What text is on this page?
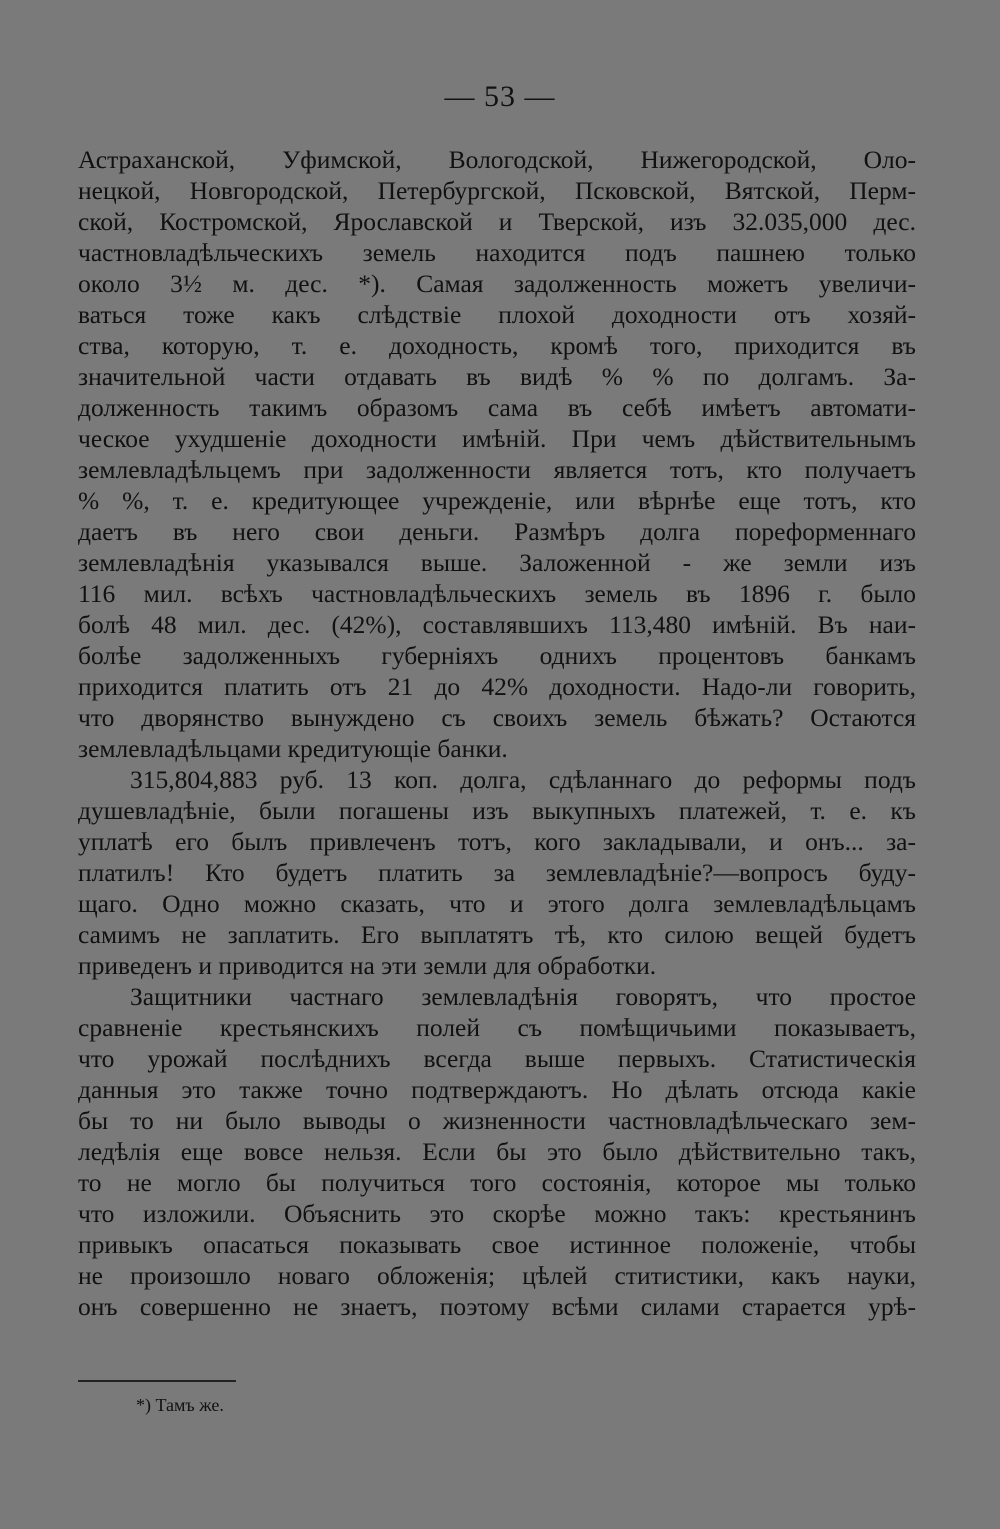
— 53 —
Астраханской, Уфимской, Вологодской, Нижегородской, Оло-
нецкой, Новгородской, Петербургской, Псковской, Вятской, Перм-
ской, Костромской, Ярославской и Тверской, изъ 32.035,000 дес.
частновладѣльческихъ земель находится подъ пашнею только
около 3½ м. дес. *). Самая задолженность можетъ увеличи-
ваться тоже какъ слѣдствіе плохой доходности отъ хозяй-
ства, которую, т. е. доходность, кромѣ того, приходится въ
значительной части отдавать въ видѣ % % по долгамъ. За-
долженность такимъ образомъ сама въ себѣ имѣетъ автомати-
ческое ухудшеніе доходности имѣній. При чемъ дѣйствительнымъ
землевладѣльцемъ при задолженности является тотъ, кто получаетъ
% %, т. е. кредитующее учрежденіе, или вѣрнѣе еще тотъ, кто
даетъ въ него свои деньги. Размѣръ долга пореформеннаго
землевладѣнія указывался выше. Заложенной - же земли изъ
116 мил. всѣхъ частновладѣльческихъ земель въ 1896 г. было
болѣ 48 мил. дес. (42%), составлявшихъ 113,480 имѣній. Въ наи-
болѣе задолженныхъ губерніяхъ однихъ процентовъ банкамъ
приходится платить отъ 21 до 42% доходности. Надо-ли говорить,
что дворянство вынуждено съ своихъ земель бѣжать? Остаются
землевладѣльцами кредитующіе банки.
315,804,883 руб. 13 коп. долга, сдѣланнаго до реформы подъ
душевладѣніе, были погашены изъ выкупныхъ платежей, т. е. къ
уплатѣ его былъ привлеченъ тотъ, кого закладывали, и онъ... за-
платилъ! Кто будетъ платить за землевладѣніе?—вопросъ буду-
щаго. Одно можно сказать, что и этого долга землевладѣльцамъ
самимъ не заплатить. Его выплатятъ тѣ, кто силою вещей будетъ
приведенъ и приводится на эти земли для обработки.
Защитники частнаго землевладѣнія говорятъ, что простое
сравненіе крестьянскихъ полей съ помѣщичьими показываетъ,
что урожай послѣднихъ всегда выше первыхъ. Статистическія
данныя это также точно подтверждаютъ. Но дѣлать отсюда какіе
бы то ни было выводы о жизненности частновладѣльческаго зем-
ледѣлія еще вовсе нельзя. Если бы это было дѣйствительно такъ,
то не могло бы получиться того состоянія, которое мы только
что изложили. Объяснить это скорѣе можно такъ: крестьянинъ
привыкъ опасаться показывать свое истинное положеніе, чтобы
не произошло новаго обложенія; цѣлей ститистики, какъ науки,
онъ совершенно не знаетъ, поэтому всѣми силами старается урѣ-
*) Тамъ же.
